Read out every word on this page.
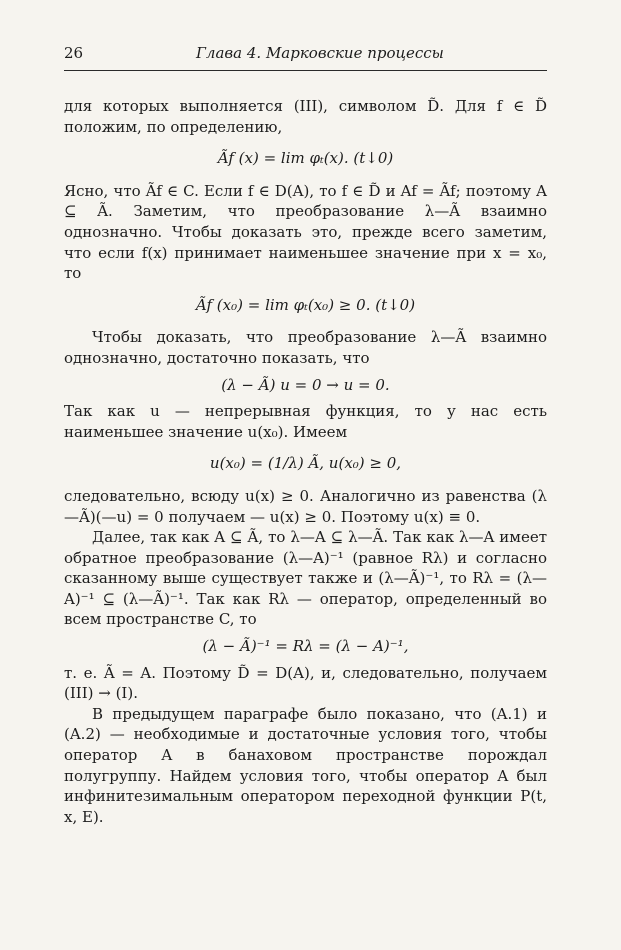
26	Глава 4. Марковские процессы

для которых выполняется (III), символом D̃. Для f ∈ D̃ положим, по определению,

Ãf (x) = lim φₜ(x). (t↓0)

Ясно, что Ãf ∈ C. Если f ∈ D(A), то f ∈ D̃ и Af = Ãf; поэтому A ⊆ Ã. Заметим, что преобразование λ—Ã взаимно однозначно. Чтобы доказать это, прежде всего заметим, что если f(x) принимает наименьшее значение при x = x₀, то

Ãf (x₀) = lim φₜ(x₀) ≥ 0. (t↓0)

Чтобы доказать, что преобразование λ—Ã взаимно однозначно, достаточно показать, что

(λ − Ã) u = 0 → u = 0.

Так как u — непрерывная функция, то у нас есть наименьшее значение u(x₀). Имеем

u(x₀) = (1/λ) Ã, u(x₀) ≥ 0,

следовательно, всюду u(x) ≥ 0. Аналогично из равенства (λ—Ã)(—u) = 0 получаем — u(x) ≥ 0. Поэтому u(x) ≡ 0.

Далее, так как A ⊆ Ã, то λ—A ⊆ λ—Ã. Так как λ—A имеет обратное преобразование (λ—A)⁻¹ (равное Rλ) и согласно сказанному выше существует также и (λ—Ã)⁻¹, то Rλ = (λ—A)⁻¹ ⊆ (λ—Ã)⁻¹. Так как Rλ — оператор, определенный во всем пространстве C, то

(λ − Ã)⁻¹ = Rλ = (λ − A)⁻¹,

т. е. Ã = A. Поэтому D̃ = D(A), и, следовательно, получаем (III) → (I).

В предыдущем параграфе было показано, что (A.1) и (A.2) — необходимые и достаточные условия того, чтобы оператор A в банаховом пространстве порождал полугруппу. Найдем условия того, чтобы оператор A был инфинитезимальным оператором переходной функции P(t, x, E).
